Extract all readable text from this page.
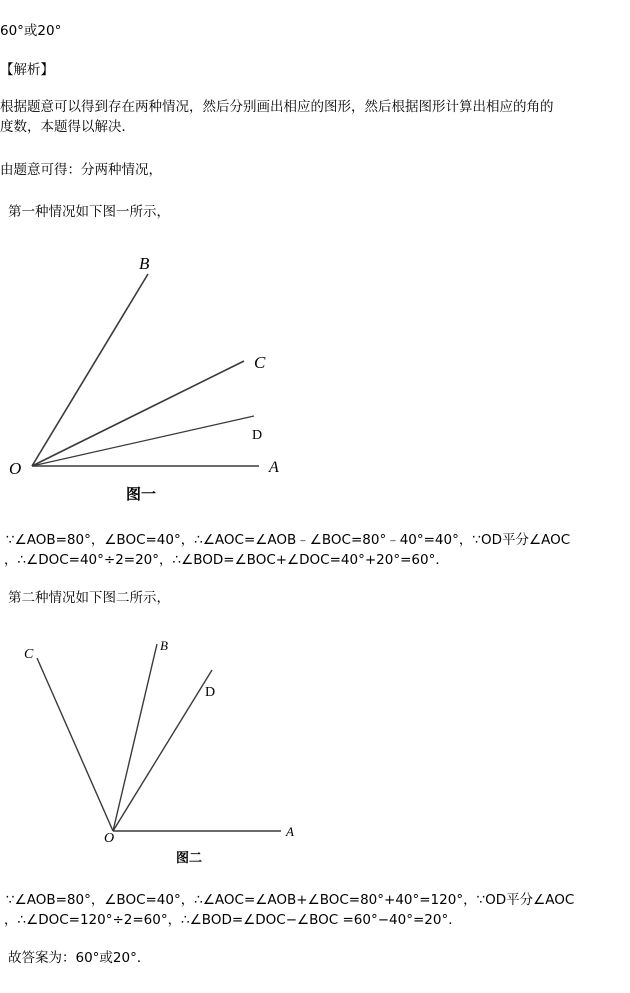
60°或20°
【解析】
根据题意可以得到存在两种情况，然后分别画出相应的图形，然后根据图形计算出相应的角的
度数，本题得以解决．
由题意可得：分两种情况，
第一种情况如下图一所示，
B
C
D
O	A
图一
∵∠AOB=80°，∠BOC=40°，∴∠AOC=∠AOB﹣∠BOC=80°﹣40°=40°，∵OD平分∠AOC
，∴∠DOC=40°÷2=20°，∴∠BOD=∠BOC+∠DOC=40°+20°=60°．
第二种情况如下图二所示，
C
B
D
O	A
图二
∵∠AOB=80°，∠BOC=40°，∴∠AOC=∠AOB+∠BOC=80°+40°=120°，∵OD平分∠AOC
，∴∠DOC=120°÷2=60°，∴∠BOD=∠DOC−∠BOC =60°−40°=20°．
故答案为：60°或20°．
